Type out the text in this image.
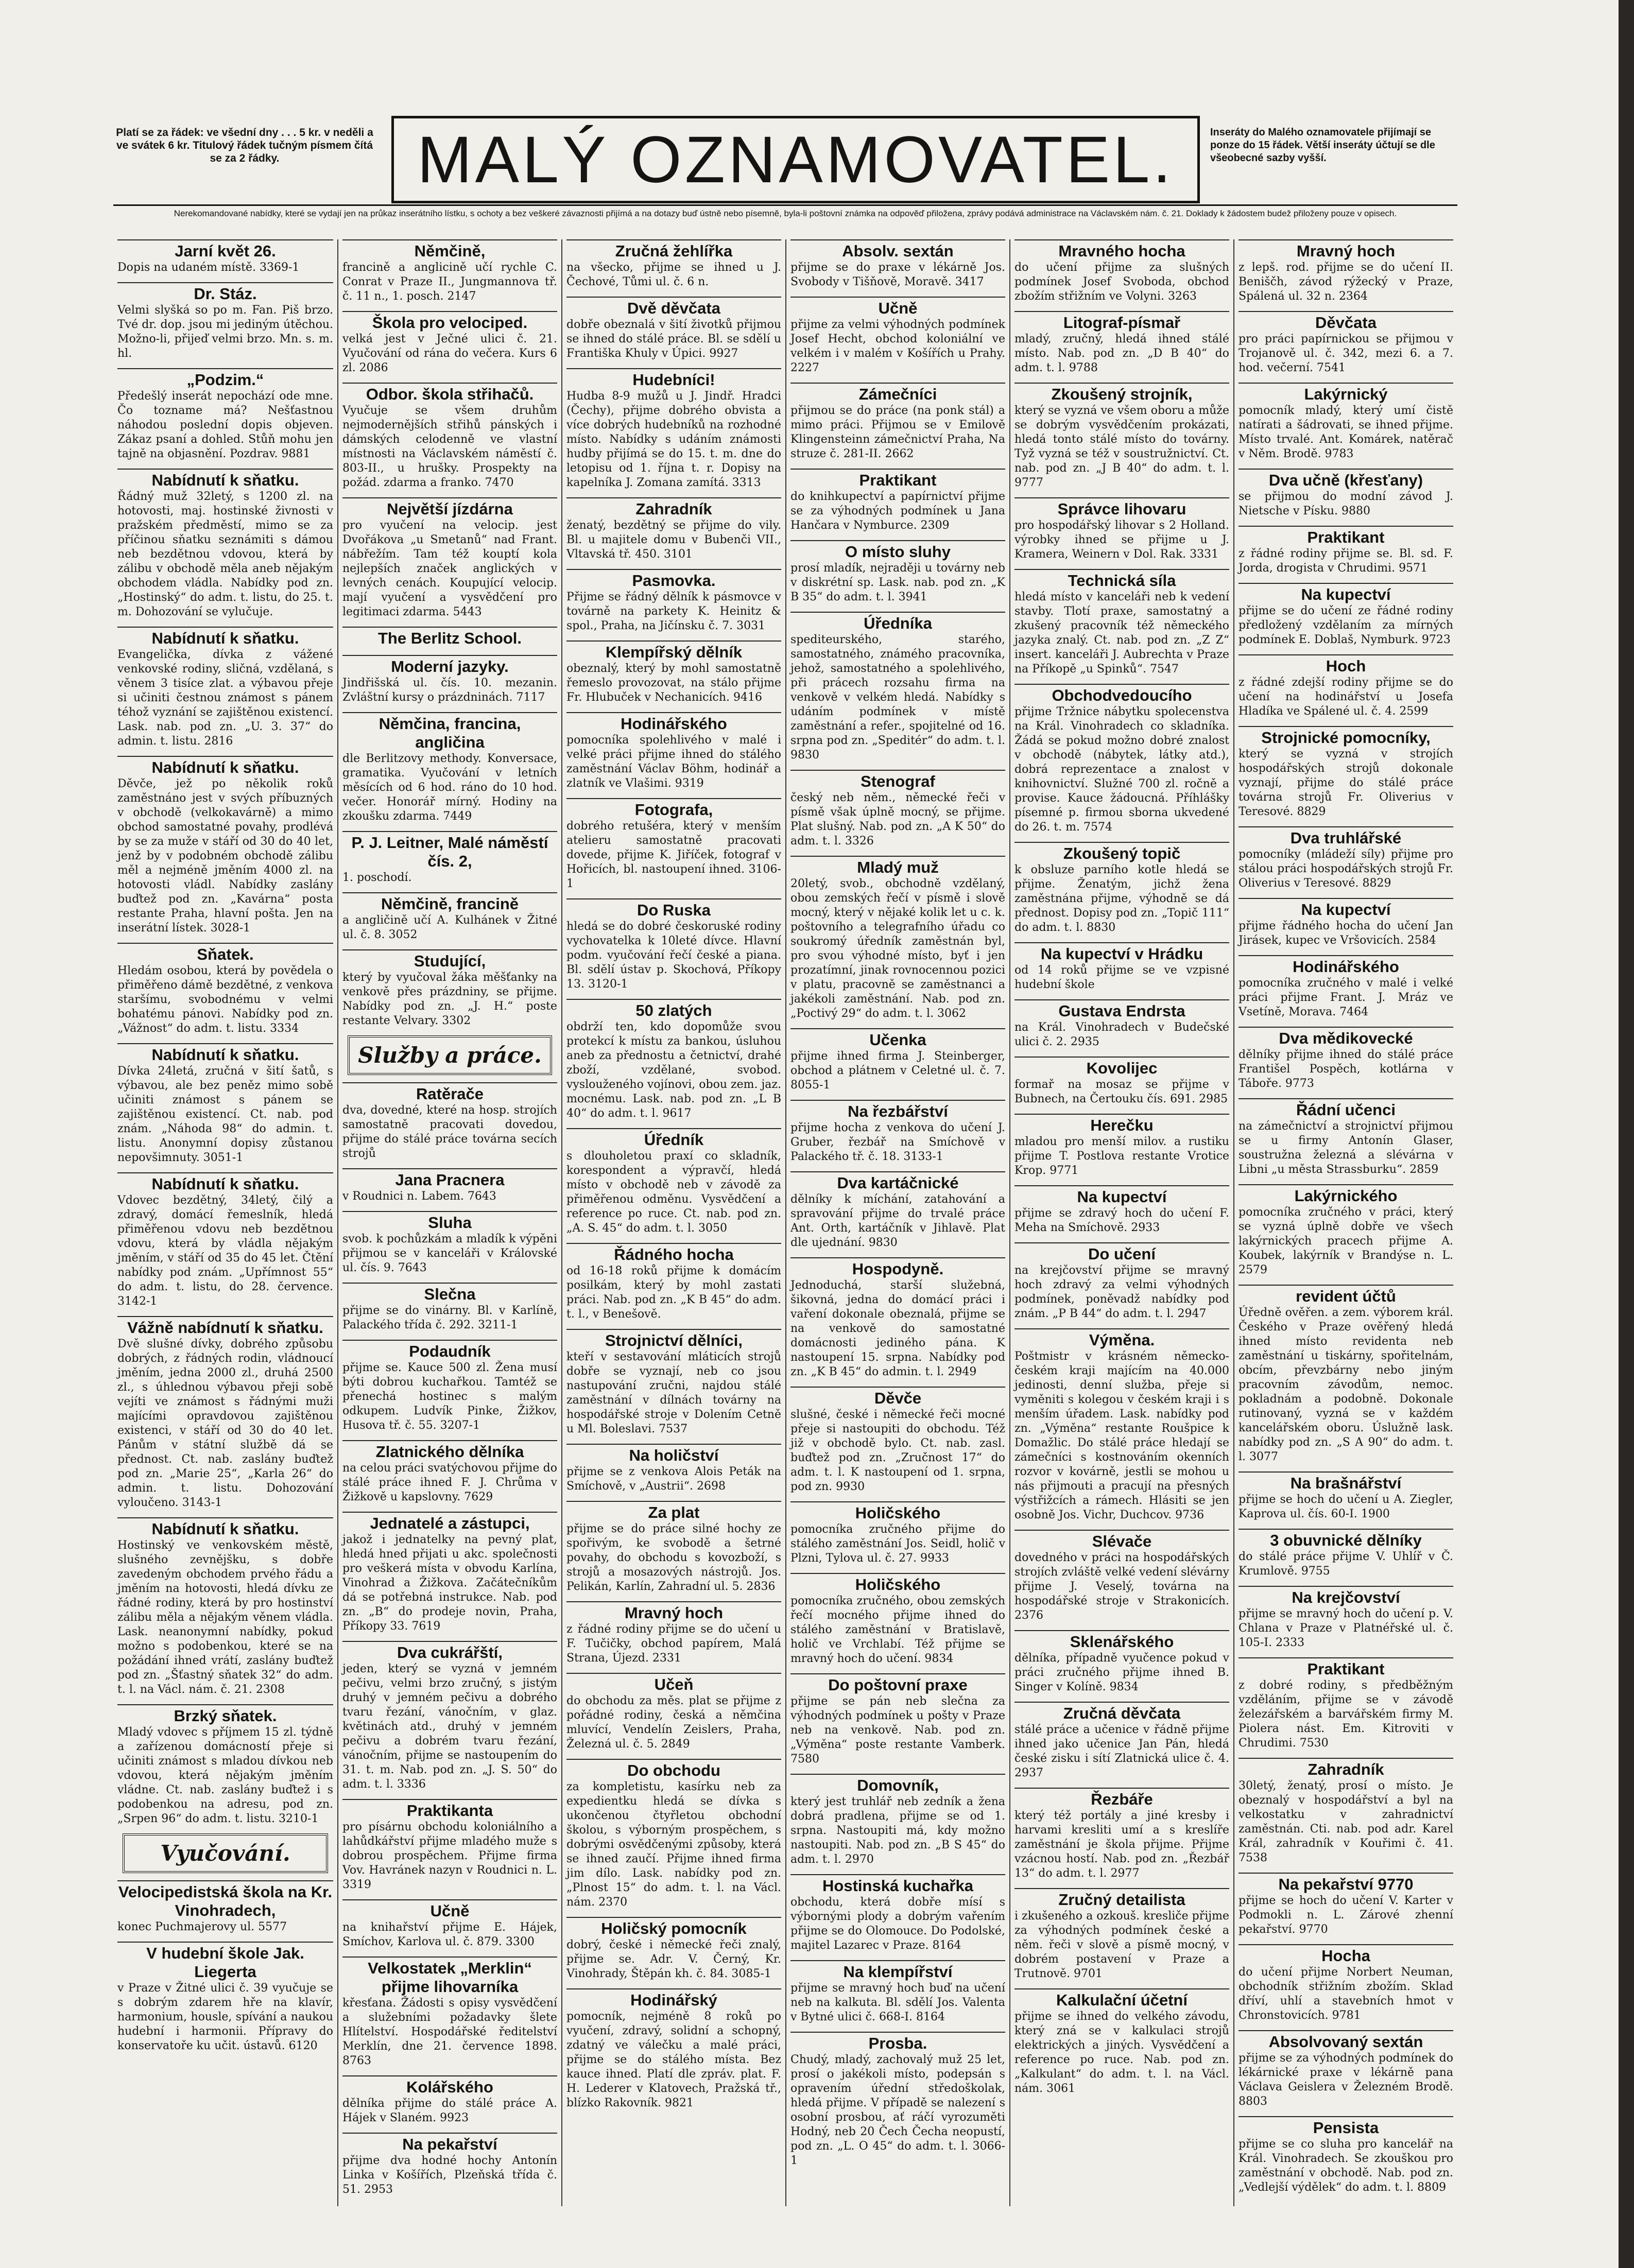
Platí se za řádek: ve všední dny . . . 5 kr. v neděli a ve svátek 6 kr. Titulový řádek tučným písmem čítá se za 2 řádky.	MALÝ OZNAMOVATEL.	Inseráty do Malého oznamovatele přijímají se ponze do 15 řádek. Větší inseráty účtují se dle všeobecné sazby vyšší.
Nerekomandované nabídky, které se vydají jen na průkaz inserátního lístku, s ochoty a bez veškeré závaznosti přijímá a na dotazy buď ústně nebo písemně, byla-li poštovní známka na odpověď přiložena, zprávy podává administrace na Václavském nám. č. 21. Doklady k žádostem budež přiloženy pouze v opisech.
Jarní květ 26.
Dopis na udaném místě. 3369-1
Dr. Stáz.
Velmi slyšká so po m. Fan. Piš brzo. Tvé dr. dop. jsou mi jediným útěchou. Možno-li, přijeď velmi brzo. Mn. s. m. hl.
„Podzim.“
Předešlý inserát nepochází ode mne. Čo tozname má? Nešťastnou náhodou poslední dopis objeven. Zákaz psaní a dohled. Stůň mohu jen tajně na objasnění. Pozdrav. 9881
Nabídnutí k sňatku.
Řádný muž 32letý, s 1200 zl. na hotovosti, maj. hostinské živnosti v pražském předměstí, mimo se za příčinou sňatku seznámiti s dámou neb bezdětnou vdovou, která by zálibu v obchodě měla aneb nějakým obchodem vládla. Nabídky pod zn. „Hostinský“ do adm. t. listu, do 25. t. m. Dohozování se vylučuje.
Nabídnutí k sňatku.
Evangelička, dívka z vážené venkovské rodiny, sličná, vzdělaná, s věnem 3 tisíce zlat. a výbavou přeje si učiniti čestnou známost s pánem téhož vyznání se zajištěnou existencí. Lask. nab. pod zn. „U. 3. 37“ do admin. t. listu. 2816
Nabídnutí k sňatku.
Děvče, jež po několik roků zaměstnáno jest v svých příbuzných v obchodě (velkokavárně) a mimo obchod samostatné povahy, prodlévá by se za muže v stáří od 30 do 40 let, jenž by v podobném obchodě zálibu měl a nejméně jměním 4000 zl. na hotovosti vládl. Nabídky zaslány buďtež pod zn. „Kavárna“ posta restante Praha, hlavní pošta. Jen na inserátní lístek. 3028-1
Sňatek.
Hledám osobou, která by povědela o přiměřeno dámě bezdětné, z venkova staršímu, svobodnému v velmi bohatému pánovi. Nabídky pod zn. „Vážnost“ do adm. t. listu. 3334
Nabídnutí k sňatku.
Dívka 24letá, zručná v šití šatů, s výbavou, ale bez peněz mimo sobě učiniti známost s pánem se zajištěnou existencí. Ct. nab. pod znám. „Náhoda 98“ do admin. t. listu. Anonymní dopisy zůstanou nepovšimnuty. 3051-1
Nabídnutí k sňatku.
Vdovec bezdětný, 34letý, čilý a zdravý, domácí řemeslník, hledá přiměřenou vdovu neb bezdětnou vdovu, která by vládla nějakým jměním, v stáří od 35 do 45 let. Čtění nabídky pod znám. „Upřímnost 55“ do adm. t. listu, do 28. července. 3142-1
Vážně nabídnutí k sňatku.
Dvě slušné dívky, dobrého způsobu dobrých, z řádných rodin, vládnoucí jměním, jedna 2000 zl., druhá 2500 zl., s úhlednou výbavou přeji sobě vejíti ve známost s řádnými muži majícími opravdovou zajištěnou existenci, v stáří od 30 do 40 let. Pánům v státní službě dá se přednost. Ct. nab. zaslány buďtež pod zn. „Marie 25“, „Karla 26“ do admin. t. listu. Dohozování vyloučeno. 3143-1
Nabídnutí k sňatku.
Hostinský ve venkovském městě, slušného zevnějšku, s dobře zavedeným obchodem prvého řádu a jměním na hotovosti, hledá dívku ze řádné rodiny, která by pro hostinství zálibu měla a nějakým věnem vládla. Lask. neanonymní nabídky, pokud možno s podobenkou, které se na požádání ihned vrátí, zaslány buďtež pod zn. „Šťastný sňatek 32“ do adm. t. l. na Václ. nám. č. 21. 2308
Brzký sňatek.
Mladý vdovec s příjmem 15 zl. týdně a zařízenou domácností přeje si učiniti známost s mladou dívkou neb vdovou, která nějakým jměním vládne. Ct. nab. zaslány buďtež i s podobenkou na adresu, pod zn. „Srpen 96“ do adm. t. listu. 3210-1
Vyučování.
Velocipedistská škola na Kr. Vinohradech,
konec Puchmajerovy ul. 5577
V hudební škole Jak. Liegerta
v Praze v Žitné ulici č. 39 vyučuje se s dobrým zdarem hře na klavír, harmonium, housle, spívání a naukou hudební i harmonii. Přípravy do konservatoře ku učit. ústavů. 6120
Němčině,
francině a anglicině učí rychle C. Conrat v Praze II., Jungmannova tř. č. 11 n., 1. posch. 2147
Škola pro velociped.
velká jest v Ječné ulici č. 21. Vyučování od rána do večera. Kurs 6 zl. 2086
Odbor. škola střihačů.
Vyučuje se všem druhům nejmodernějších střihů pánských i dámských celodenně ve vlastní místnosti na Václavském náměstí č. 803-II., u hrušky. Prospekty na požád. zdarma a franko. 7470
Největší jízdárna
pro vyučení na velocip. jest Dvořákova „u Smetanů“ nad Frant. nábřežím. Tam též kouptí kola nejlepších značek anglických v levných cenách. Koupující velocip. mají vyučení a vysvědčení pro legitimaci zdarma. 5443
The Berlitz School.
Moderní jazyky.
Jindřišská ul. čís. 10. mezanin. Zvláštní kursy o prázdninách. 7117
Němčina, francina, angličina
dle Berlitzovy methody. Konversace, gramatika. Vyučování v letních měsících od 6 hod. ráno do 10 hod. večer. Honorář mírný. Hodiny na zkoušku zdarma. 7449
P. J. Leitner, Malé náměstí čís. 2,
1. poschodí.
Němčině, francině
a angličině učí A. Kulhánek v Žitné ul. č. 8. 3052
Studující,
který by vyučoval žáka měšťanky na venkově přes prázdniny, se přijme. Nabídky pod zn. „J. H.“ poste restante Velvary. 3302
Služby a práce.
Ratěrače
dva, dovedné, které na hosp. strojích samostatně pracovati dovedou, přijme do stálé práce továrna secích strojů
Jana Pracnera
v Roudnici n. Labem. 7643
Sluha
svob. k pochůzkám a mladík k výpěni přijmou se v kanceláři v Královské ul. čís. 9. 7643
Slečna
přijme se do vinárny. Bl. v Karlíně, Palackého třída č. 292. 3211-1
Podaudník
přijme se. Kauce 500 zl. Žena musí býti dobrou kuchařkou. Tamtéž se přenechá hostinec s malým odkupem. Ludvík Pinke, Žižkov, Husova tř. č. 55. 3207-1
Zlatnického dělníka
na celou práci svatýchovou přijme do stálé práce ihned F. J. Chrůma v Žižkově u kapslovny. 7629
Jednatelé a zástupci,
jakož i jednatelky na pevný plat, hledá hned přijati u akc. společnosti pro veškerá místa v obvodu Karlína, Vinohrad a Žižkova. Začátečníkům dá se potřebná instrukce. Nab. pod zn. „B“ do prodeje novin, Praha, Příkopy 33. 7619
Dva cukrářští,
jeden, který se vyzná v jemném pečivu, velmi brzo zručný, s jistým druhý v jemném pečivu a dobrého tvaru řezání, vánočním, v glaz. květinách atd., druhý v jemném pečivu a dobrém tvaru řezání, vánočním, přijme se nastoupením do 31. t. m. Nab. pod zn. „J. S. 50“ do adm. t. l. 3336
Praktikanta
pro písárnu obchodu koloniálního a lahůdkářství přijme mladého muže s dobrou prospěchem. Přijme firma Vov. Havránek nazyn v Roudnici n. L. 3319
Učně
na knihařství přijme E. Hájek, Smíchov, Karlova ul. č. 879. 3300
Velkostatek „Merklin“ přijme lihovarníka
křesťana. Žádosti s opisy vysvědčení a služebními požadavky šlete Hlítelství. Hospodářské ředitelství Merklín, dne 21. července 1898. 8763
Kolářského
dělníka přijme do stálé práce A. Hájek v Slaném. 9923
Na pekařství
přijme dva hodné hochy Antonín Linka v Košířích, Plzeňská třída č. 51. 2953
Zručná žehlířka
na všecko, přijme se ihned u J. Čechové, Tůmi ul. č. 6 n.
Dvě děvčata
dobře obeznalá v šití životků přijmou se ihned do stálé práce. Bl. se sdělí u Františka Khuly v Úpici. 9927
Hudebníci!
Hudba 8-9 mužů u J. Jindř. Hradci (Čechy), přijme dobrého obvista a více dobrých hudebníků na rozhodné místo. Nabídky s udáním známosti hudby přijímá se do 15. t. m. dne do letopisu od 1. října t. r. Dopisy na kapelníka J. Zomana zamítá. 3313
Zahradník
ženatý, bezdětný se přijme do vily. Bl. u majitele domu v Bubenči VII., Vltavská tř. 450. 3101
Pasmovka.
Přijme se řádný dělník k pásmovce v továrně na parkety K. Heinitz & spol., Praha, na Jičínsku č. 7. 3031
Klempířský dělník
obeznalý, který by mohl samostatně řemeslo provozovat, na stálo přijme Fr. Hlubuček v Nechanicích. 9416
Hodinářského
pomocníka spolehlivého v malé i velké práci přijme ihned do stálého zaměstnání Václav Böhm, hodinář a zlatník ve Vlašimi. 9319
Fotografa,
dobrého retušéra, který v menším atelieru samostatně pracovati dovede, přijme K. Jiříček, fotograf v Hořicích, bl. nastoupení ihned. 3106-1
Do Ruska
hledá se do dobré českoruské rodiny vychovatelka k 10leté dívce. Hlavní podm. vyučování řečí české a piana. Bl. sdělí ústav p. Skochová, Příkopy 13. 3120-1
50 zlatých
obdrží ten, kdo dopomůže svou protekcí k místu za bankou, úsluhou aneb za přednostu a četnictví, drahé zboží, vzdělané, svobod. vyslouženého vojínovi, obou zem. jaz. mocnému. Lask. nab. pod zn. „L B 40“ do adm. t. l. 9617
Úředník
s dlouholetou praxí co skladník, korespondent a výpravčí, hledá místo v obchodě neb v závodě za přiměřenou odměnu. Vysvědčení a reference po ruce. Ct. nab. pod zn. „A. S. 45“ do adm. t. l. 3050
Řádného hocha
od 16-18 roků přijme k domácím posilkám, který by mohl zastati práci. Nab. pod zn. „K B 45“ do adm. t. l., v Benešově.
Strojnictví dělníci,
kteří v sestavování mláticích strojů dobře se vyznají, neb co jsou nastupování zručni, najdou stálé zaměstnání v dílnách továrny na hospodářské stroje v Dolením Cetně u Ml. Boleslavi. 7537
Na holičství
přijme se z venkova Alois Peták na Smíchově, v „Austrii“. 2698
Za plat
přijme se do práce silné hochy ze spořivým, ke svobodě a šetrné povahy, do obchodu s kovozboží, s strojů a mosazových nástrojů. Jos. Pelikán, Karlín, Zahradní ul. 5. 2836
Mravný hoch
z řádné rodiny přijme se do učení u F. Tučičky, obchod papírem, Malá Strana, Újezd. 2331
Učeň
do obchodu za měs. plat se přijme z pořádné rodiny, česká a němčina mluvící, Vendelín Zeislers, Praha, Železná ul. č. 5. 2849
Do obchodu
za kompletistu, kasírku neb za expedientku hledá se dívka s ukončenou čtyřletou obchodní školou, s výborným prospěchem, s dobrými osvědčenými způsoby, která se ihned zaučí. Přijme ihned firma jim dílo. Lask. nabídky pod zn. „Plnost 15“ do adm. t. l. na Václ. nám. 2370
Holičský pomocník
dobrý, české i německé řeči znalý, přijme se. Adr. V. Černý, Kr. Vinohrady, Štěpán kh. č. 84. 3085-1
Hodinářský
pomocník, nejméně 8 roků po vyučení, zdravý, solidní a schopný, zdatný ve válečku a malé práci, přijme se do stálého místa. Bez kauce ihned. Platí dle zpráv. plat. F. H. Lederer v Klatovech, Pražská tř., blízko Rakovník. 9821
Absolv. sextán
přijme se do praxe v lékárně Jos. Svobody v Tišňově, Moravě. 3417
Učně
přijme za velmi výhodných podmínek Josef Hecht, obchod koloniální ve velkém i v malém v Košířích u Prahy. 2227
Zámečníci
přijmou se do práce (na ponk stál) a mimo práci. Přijmou se v Emilově Klingensteinn zámečnictví Praha, Na struze č. 281-II. 2662
Praktikant
do knihkupectví a papírnictví přijme se za výhodných podmínek u Jana Hančara v Nymburce. 2309
O místo sluhy
prosí mladík, nejraději u továrny neb v diskrétní sp. Lask. nab. pod zn. „K B 35“ do adm. t. l. 3941
Úředníka
spediteurského, starého, samostatného, známého pracovníka, jehož, samostatného a spolehlivého, při prácech rozsahu firma na venkově v velkém hledá. Nabídky s udáním podmínek v místě zaměstnání a refer., spojitelné od 16. srpna pod zn. „Speditér“ do adm. t. l. 9830
Stenograf
český neb něm., německé řeči v písmě však úplně mocný, se přijme. Plat slušný. Nab. pod zn. „A K 50“ do adm. t. l. 3326
Mladý muž
20letý, svob., obchodně vzdělaný, obou zemských řečí v písmě i slově mocný, který v nějaké kolik let u c. k. poštovního a telegrafního úřadu co soukromý úředník zaměstnán byl, pro svou výhodné místo, byť i jen prozatímní, jinak rovnocennou pozici v platu, pracovně se zaměstnanci a jakékoli zaměstnání. Nab. pod zn. „Poctivý 29“ do adm. t. l. 3062
Učenka
přijme ihned firma J. Steinberger, obchod a plátnem v Celetné ul. č. 7. 8055-1
Na řezbářství
přijme hocha z venkova do učení J. Gruber, řezbář na Smíchově v Palackého tř. č. 18. 3133-1
Dva kartáčnické
dělníky k míchání, zatahování a spravování přijme do trvalé práce Ant. Orth, kartáčník v Jihlavě. Plat dle ujednání. 9830
Hospodyně.
Jednoduchá, starší služebná, šikovná, jedna do domácí práci i vaření dokonale obeznalá, přijme se na venkově do samostatné domácnosti jediného pána. K nastoupení 15. srpna. Nabídky pod zn. „K B 45“ do admin. t. l. 2949
Děvče
slušné, české i německé řeči mocné přeje si nastoupiti do obchodu. Též již v obchodě bylo. Ct. nab. zasl. buďtež pod zn. „Zručnost 17“ do adm. t. l. K nastoupení od 1. srpna, pod zn. 9930
Holičského
pomocníka zručného přijme do stálého zaměstnání Jos. Seidl, holič v Plzni, Tylova ul. č. 27. 9933
Holičského
pomocníka zručného, obou zemských řečí mocného přijme ihned do stálého zaměstnání v Bratislavě, holič ve Vrchlabí. Též přijme se mravný hoch do učení. 9834
Do poštovní praxe
přijme se pán neb slečna za výhodných podmínek u pošty v Praze neb na venkově. Nab. pod zn. „Výměna“ poste restante Vamberk. 7580
Domovník,
který jest truhlář neb zedník a žena dobrá pradlena, přijme se od 1. srpna. Nastoupiti má, kdy možno nastoupiti. Nab. pod zn. „B S 45“ do adm. t. l. 2970
Hostinská kuchařka
obchodu, která dobře mísí s výbornými plody a dobrým vařením přijme se do Olomouce. Do Podolské, majitel Lazarec v Praze. 8164
Na klempířství
přijme se mravný hoch buď na učení neb na kalkuta. Bl. sdělí Jos. Valenta v Bytné ulici č. 668-I. 8164
Prosba.
Chudý, mladý, zachovalý muž 25 let, prosí o jakékoli místo, podepsán s opravením úřední středoškolak, hledá přijme. V případě se nalezení s osobní prosbou, ať ráčí vyrozuměti Hodný, neb 20 Čech Čecha neopustí, pod zn. „L. O 45“ do adm. t. l. 3066-1
Mravného hocha
do učení přijme za slušných podmínek Josef Svoboda, obchod zbožím střižním ve Volyni. 3263
Litograf-písmař
mladý, zručný, hledá ihned stálé místo. Nab. pod zn. „D B 40“ do adm. t. l. 9788
Zkoušený strojník,
který se vyzná ve všem oboru a může se dobrým vysvědčením prokázati, hledá tonto stálé místo do továrny. Tyž vyzná se též v soustružnictví. Ct. nab. pod zn. „J B 40“ do adm. t. l. 9777
Správce lihovaru
pro hospodářský lihovar s 2 Holland. výrobky ihned se přijme u J. Kramera, Weinern v Dol. Rak. 3331
Technická síla
hledá místo v kanceláři neb k vedení stavby. Tlotí praxe, samostatný a zkušený pracovník též německého jazyka znalý. Ct. nab. pod zn. „Z Z“ insert. kanceláři J. Aubrechta v Praze na Příkopě „u Spinků“. 7547
Obchodvedoucího
přijme Tržnice nábytku spolecenstva na Král. Vinohradech co skladníka. Žádá se pokud možno dobré znalost v obchodě (nábytek, látky atd.), dobrá reprezentace a znalost v knihovnictví. Služné 700 zl. ročně a provise. Kauce žádoucná. Příhlášky písemné p. firmou sborna ukvedené do 26. t. m. 7574
Zkoušený topič
k obsluze parního kotle hledá se přijme. Ženatým, jichž žena zaměstnána přijme, výhodně se dá přednost. Dopisy pod zn. „Topič 111“ do adm. t. l. 8830
Na kupectví v Hrádku
od 14 roků přijme se ve vzpisné hudební škole
Gustava Endrsta
na Král. Vinohradech v Budečské ulici č. 2. 2935
Kovolijec
formař na mosaz se přijme v Bubnech, na Čertouku čís. 691. 2985
Herečku
mladou pro menší milov. a rustiku přijme T. Postlova restante Vrotice Krop. 9771
Na kupectví
přijme se zdravý hoch do učení F. Meha na Smíchově. 2933
Do učení
na krejčovství přijme se mravný hoch zdravý za velmi výhodných podmínek, poněvadž nabídky pod znám. „P B 44“ do adm. t. l. 2947
Výměna.
Poštmistr v krásném německo-českém kraji majícím na 40.000 jedinosti, denní služba, přeje si vyměniti s kolegou v českém kraji i s menším úřadem. Lask. nabídky pod zn. „Výměna“ restante Roušpice k Domažlic. Do stálé práce hledají se zámečníci s kostnováním okenních rozvor v kovárně, jestli se mohou u nás přijmouti a pracují na přesných výstřižcích a rámech. Hlásiti se jen osobně Jos. Vichr, Duchcov. 9736
Slévače
dovedného v práci na hospodářských strojích zvláště velké vedení slévárny přijme J. Veselý, továrna na hospodářské stroje v Strakonicích. 2376
Sklenářského
dělníka, případně vyučence pokud v práci zručného přijme ihned B. Singer v Kolíně. 9834
Zručná děvčata
stálé práce a učenice v řádně přijme ihned jako učenice Jan Pán, hledá české zisku i sítí Zlatnická ulice č. 4. 2937
Řezbáře
který též portály a jiné kresby i harvami kresliti umí a s kreslíře zaměstnání je škola přijme. Přijme vzácnou hostí. Nab. pod zn. „Řezbář 13“ do adm. t. l. 2977
Zručný detailista
i zkušeného a ozkouš. kresliče přijme za výhodných podmínek české a něm. řeči v slově a písmě mocný, v dobrém postavení v Praze a Trutnově. 9701
Kalkulační účetní
přijme se ihned do velkého závodu, který zná se v kalkulaci strojů elektrických a jiných. Vysvědčení a reference po ruce. Nab. pod zn. „Kalkulant“ do adm. t. l. na Václ. nám. 3061
Mravný hoch
z lepš. rod. přijme se do učení II. Beniščh, závod rýžecký v Praze, Spálená ul. 32 n. 2364
Děvčata
pro práci papírnickou se přijmou v Trojanově ul. č. 342, mezi 6. a 7. hod. večerní. 7541
Lakýrnický
pomocník mladý, který umí čistě natírati a šádrovati, se ihned přijme. Místo trvalé. Ant. Komárek, natěrač v Něm. Brodě. 9783
Dva učně (křesťany)
se přijmou do modní závod J. Nietsche v Písku. 9880
Praktikant
z řádné rodiny přijme se. Bl. sd. F. Jorda, drogista v Chrudimi. 9571
Na kupectví
přijme se do učení ze řádné rodiny předložený vzdělaním za mírných podmínek E. Doblaš, Nymburk. 9723
Hoch
z řádné zdejší rodiny přijme se do učení na hodinářství u Josefa Hladíka ve Spálené ul. č. 4. 2599
Strojnické pomocníky,
který se vyzná v strojích hospodářských strojů dokonale vyznají, přijme do stálé práce továrna strojů Fr. Oliverius v Teresové. 8829
Dva truhlářské
pomocníky (mládeží síly) přijme pro stálou práci hospodářských strojů Fr. Oliverius v Teresové. 8829
Na kupectví
přijme řádného hocha do učení Jan Jirásek, kupec ve Vršovicích. 2584
Hodinářského
pomocníka zručného v malé i velké práci přijme Frant. J. Mráz ve Vsetíně, Morava. 7464
Dva mědikovecké
dělníky přijme ihned do stálé práce Františel Pospěch, kotlárna v Táboře. 9773
Řádní učenci
na zámečnictví a strojnictví přijmou se u firmy Antonín Glaser, soustružna železná a slévárna v Libni „u města Strassburku“. 2859
Lakýrnického
pomocníka zručného v práci, který se vyzná úplně dobře ve všech lakýrnických pracech přijme A. Koubek, lakýrník v Brandýse n. L. 2579
revident účtů
Úředně ověřen. a zem. výborem král. Českého v Praze ověřený hledá ihned místo revidenta neb zaměstnání u tiskárny, spořitelnám, obcím, převzbárny nebo jiným pracovním závodům, nemoc. pokladnám a podobně. Dokonale rutinovaný, vyzná se v každém kancelářském oboru. Úslužně lask. nabídky pod zn. „S A 90“ do adm. t. l. 3077
Na brašnářství
přijme se hoch do učení u A. Ziegler, Kaprova ul. čís. 60-I. 1900
3 obuvnické dělníky
do stálé práce přijme V. Uhlíř v Č. Krumlově. 9755
Na krejčovství
přijme se mravný hoch do učení p. V. Chlana v Praze v Platnéřské ul. č. 105-I. 2333
Praktikant
z dobré rodiny, s předběžným vzděláním, přijme se v závodě železářském a barvářském firmy M. Piolera nást. Em. Kitroviti v Chrudimi. 7530
Zahradník
30letý, ženatý, prosí o místo. Je obeznalý v hospodářství a byl na velkostatku v zahradnictví zaměstnán. Cti. nab. pod adr. Karel Král, zahradník v Kouřimi č. 41. 7538
Na pekařství 9770
přijme se hoch do učení V. Karter v Podmokli n. L. Zárové zhenní pekařství. 9770
Hocha
do učení přijme Norbert Neuman, obchodník střižním zbožím. Sklad dříví, uhlí a stavebních hmot v Chronstovicích. 9781
Absolvovaný sextán
přijme se za výhodných podmínek do lékárnické praxe v lékárně pana Václava Geislera v Železném Brodě. 8803
Pensista
přijme se co sluha pro kancelář na Král. Vinohradech. Se zkouškou pro zaměstnání v obchodě. Nab. pod zn. „Vedlejší výdělek“ do adm. t. l. 8809
